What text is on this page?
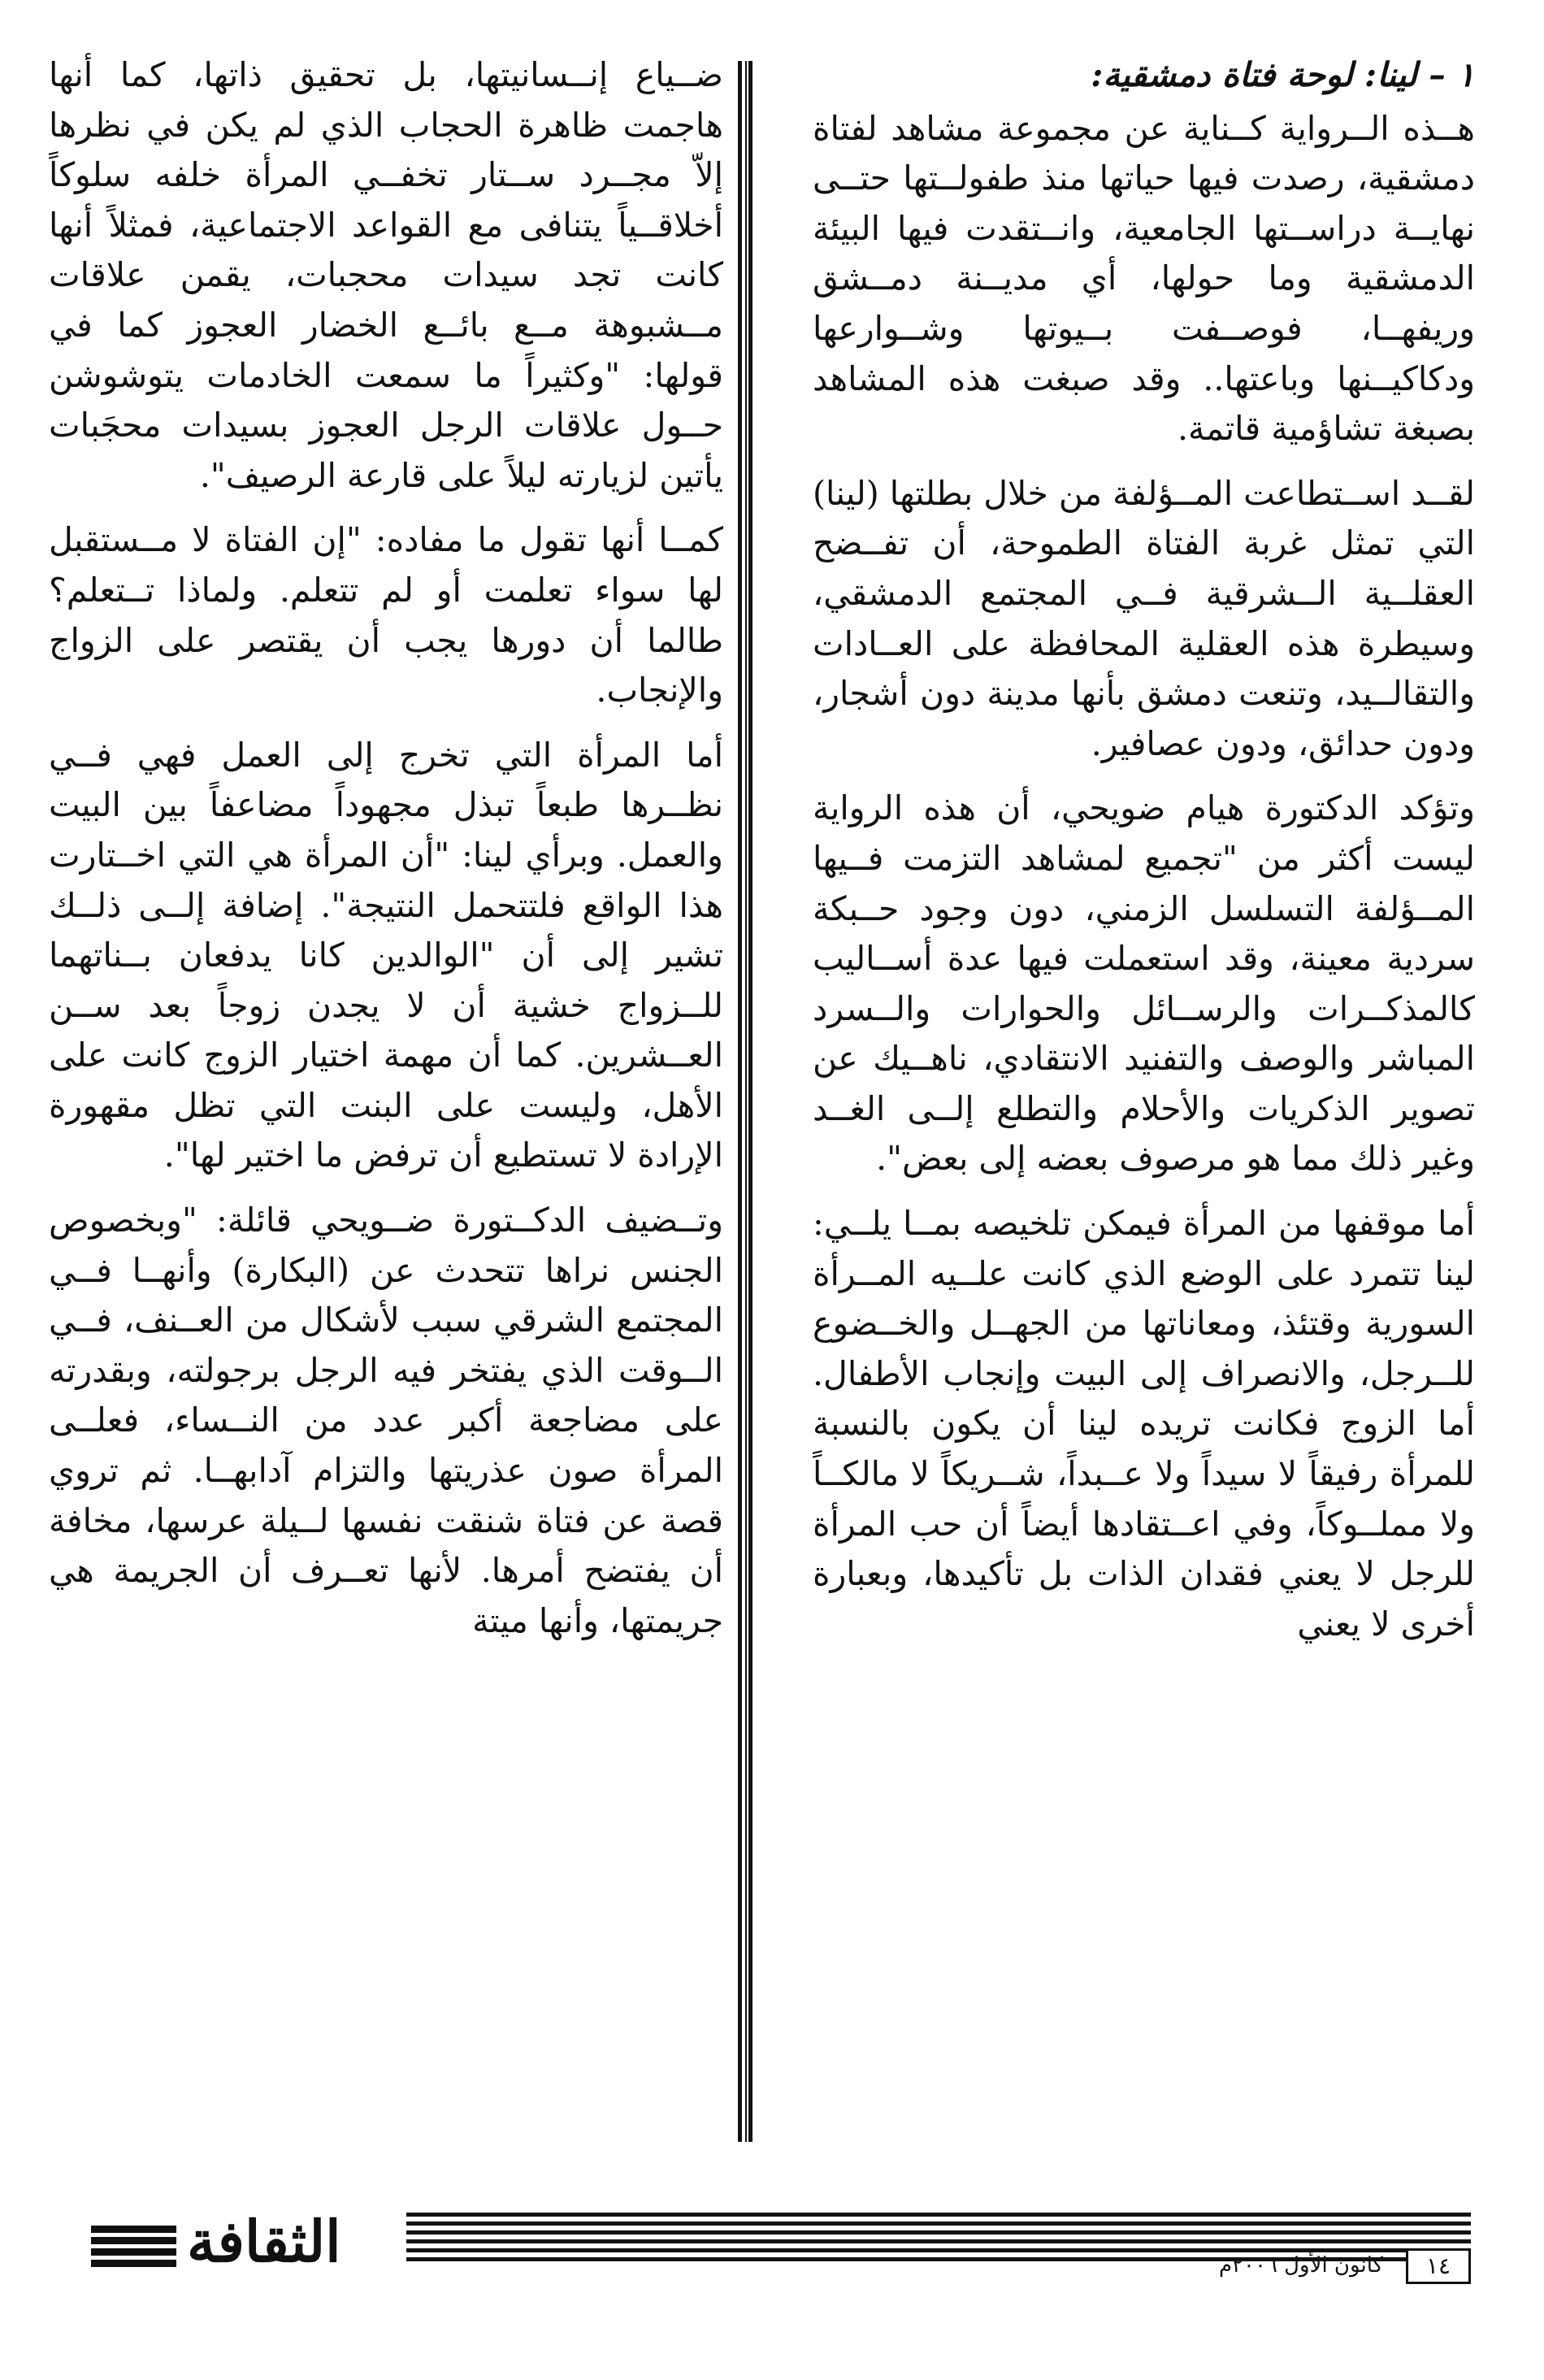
١ – لينا: لوحة فتاة دمشقية:

هــذه الــرواية كــناية عن مجموعة مشاهد لفتاة دمشقية، رصدت فيها حياتها منذ طفولــتها حتــى نهايــة دراســتها الجامعية، وانــتقدت فيها البيئة الدمشقية وما حولها، أي مديــنة دمــشق وريفهــا، فوصــفت بــيوتها وشــوارعها ودكاكيــنها وباعتها.. وقد صبغت هذه المشاهد بصبغة تشاؤمية قاتمة.

لقــد اســتطاعت المــؤلفة من خلال بطلتها (لينا) التي تمثل غربة الفتاة الطموحة، أن تفــضح العقلــية الــشرقية فــي المجتمع الدمشقي، وسيطرة هذه العقلية المحافظة على العــادات والتقالــيد، وتنعت دمشق بأنها مدينة دون أشجار، ودون حدائق، ودون عصافير.

وتؤكد الدكتورة هيام ضويحي، أن هذه الرواية ليست أكثر من "تجميع لمشاهد التزمت فــيها المــؤلفة التسلسل الزمني، دون وجود حــبكة سردية معينة، وقد استعملت فيها عدة أســاليب كالمذكــرات والرســائل والحوارات والــسرد المباشر والوصف والتفنيد الانتقادي، ناهــيك عن تصوير الذكريات والأحلام والتطلع إلــى الغــد وغير ذلك مما هو مرصوف بعضه إلى بعض".

أما موقفها من المرأة فيمكن تلخيصه بمــا يلــي: لينا تتمرد على الوضع الذي كانت علــيه المــرأة السورية وقتئذ، ومعاناتها من الجهــل والخــضوع للــرجل، والانصراف إلى البيت وإنجاب الأطفال. أما الزوج فكانت تريده لينا أن يكون بالنسبة للمرأة رفيقاً لا سيداً ولا عــبداً، شــريكاً لا مالكــاً ولا مملــوكاً، وفي اعــتقادها أيضاً أن حب المرأة للرجل لا يعني فقدان الذات بل تأكيدها، وبعبارة أخرى لا يعني

ضــياع إنــسانيتها، بل تحقيق ذاتها، كما أنها هاجمت ظاهرة الحجاب الذي لم يكن في نظرها إلاّ مجــرد ســتار تخفــي المرأة خلفه سلوكاً أخلاقــياً يتنافى مع القواعد الاجتماعية، فمثلاً أنها كانت تجد سيدات محجبات، يقمن علاقات مــشبوهة مــع بائــع الخضار العجوز كما في قولها: "وكثيراً ما سمعت الخادمات يتوشوشن حــول علاقات الرجل العجوز بسيدات محجَبات يأتين لزيارته ليلاً على قارعة الرصيف".

كمــا أنها تقول ما مفاده: "إن الفتاة لا مــستقبل لها سواء تعلمت أو لم تتعلم. ولماذا تــتعلم؟ طالما أن دورها يجب أن يقتصر على الزواج والإنجاب.

أما المرأة التي تخرج إلى العمل فهي فــي نظــرها طبعاً تبذل مجهوداً مضاعفاً بين البيت والعمل. وبرأي لينا: "أن المرأة هي التي اخــتارت هذا الواقع فلتتحمل النتيجة". إضافة إلــى ذلــك تشير إلى أن "الوالدين كانا يدفعان بــناتهما للــزواج خشية أن لا يجدن زوجاً بعد ســن العــشرين. كما أن مهمة اختيار الزوج كانت على الأهل، وليست على البنت التي تظل مقهورة الإرادة لا تستطيع أن ترفض ما اختير لها".

وتــضيف الدكــتورة ضــويحي قائلة: "وبخصوص الجنس نراها تتحدث عن (البكارة) وأنهــا فــي المجتمع الشرقي سبب لأشكال من العــنف، فــي الــوقت الذي يفتخر فيه الرجل برجولته، وبقدرته على مضاجعة أكبر عدد من النــساء، فعلــى المرأة صون عذريتها والتزام آدابهــا. ثم تروي قصة عن فتاة شنقت نفسها لــيلة عرسها، مخافة أن يفتضح أمرها. لأنها تعــرف أن الجريمة هي جريمتها، وأنها ميتة

الثقافة	كانون الأول ٢٠٠٦م	١٤
